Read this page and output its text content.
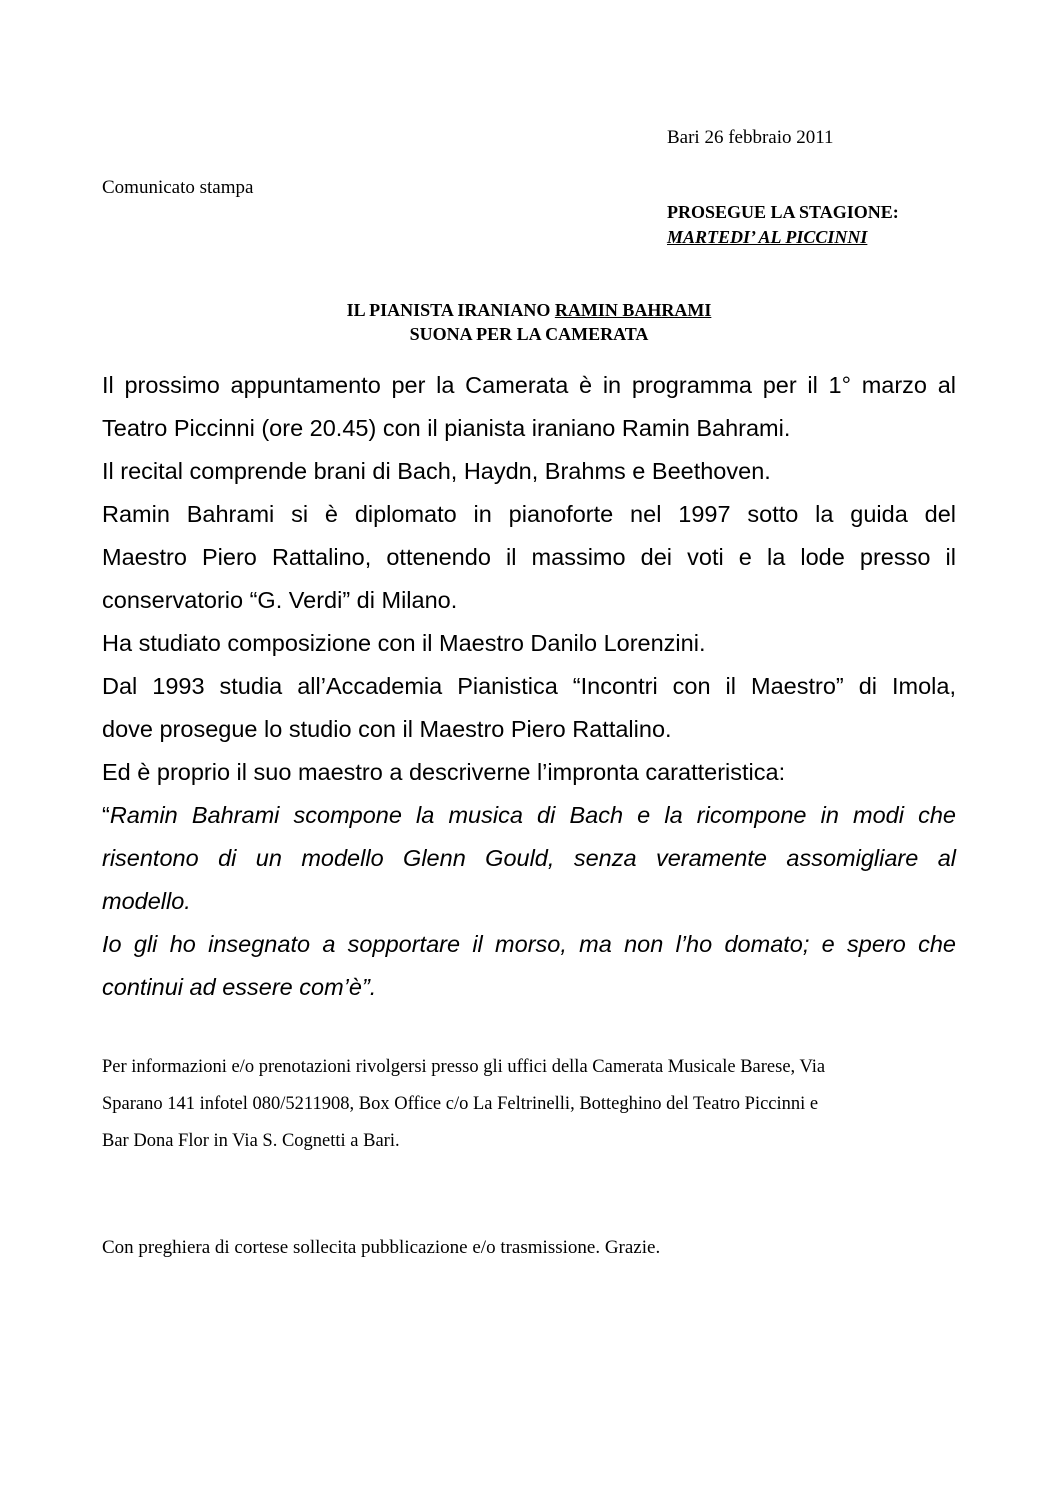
Bari 26 febbraio 2011
Comunicato stampa
PROSEGUE LA STAGIONE:
MARTEDI’ AL PICCINNI
IL PIANISTA IRANIANO RAMIN BAHRAMI
SUONA PER LA CAMERATA
Il prossimo appuntamento per la Camerata è in programma per il 1° marzo al
Teatro Piccinni (ore 20.45) con il pianista iraniano Ramin Bahrami.
Il recital comprende brani di Bach, Haydn, Brahms e Beethoven.
Ramin Bahrami si è diplomato in pianoforte nel 1997 sotto la guida del
Maestro Piero Rattalino, ottenendo il massimo dei voti e la lode presso il
conservatorio “G. Verdi” di Milano.
Ha studiato composizione con il Maestro Danilo Lorenzini.
Dal 1993 studia all’Accademia Pianistica “Incontri con il Maestro” di Imola,
dove prosegue lo studio con il Maestro Piero Rattalino.
Ed è proprio il suo maestro a descriverne l’impronta caratteristica:
“Ramin Bahrami scompone la musica di Bach e la ricompone in modi che
risentono di un modello Glenn Gould, senza veramente assomigliare al
modello.
Io gli ho insegnato a sopportare il morso, ma non l’ho domato; e spero che
continui ad essere com’è”.
Per informazioni e/o prenotazioni rivolgersi presso gli uffici della Camerata Musicale Barese, Via
Sparano 141 infotel 080/5211908, Box Office c/o La Feltrinelli, Botteghino del Teatro Piccinni e
Bar Dona Flor in Via S. Cognetti a Bari.
Con preghiera di cortese sollecita pubblicazione e/o trasmissione. Grazie.
